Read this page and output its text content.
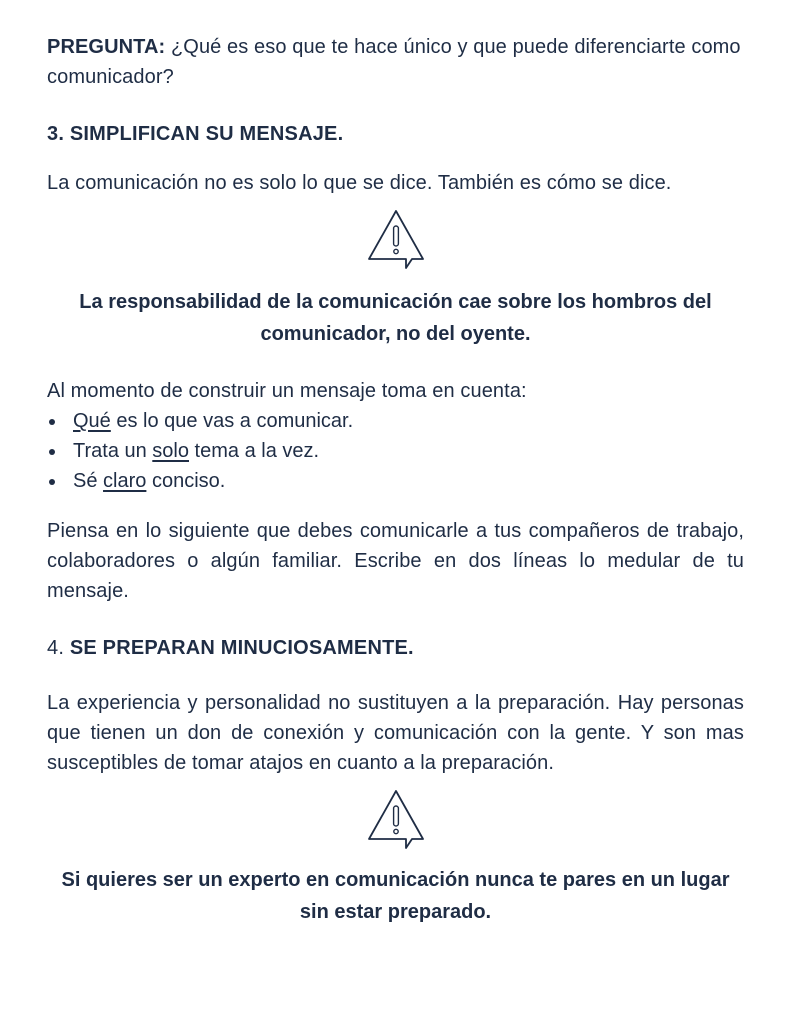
PREGUNTA: ¿Qué es eso que te hace único y que puede diferenciarte como comunicador?

3. SIMPLIFICAN SU MENSAJE.

La comunicación no es solo lo que se dice. También es cómo se dice.

La responsabilidad de la comunicación cae sobre los hombros del comunicador, no del oyente.

Al momento de construir un mensaje toma en cuenta:

Qué es lo que vas a comunicar.
Trata un solo tema a la vez.
Sé claro conciso.

Piensa en lo siguiente que debes comunicarle a tus compañeros de trabajo, colaboradores o algún familiar. Escribe en dos líneas lo medular de tu mensaje.

4. SE PREPARAN MINUCIOSAMENTE.

La experiencia y personalidad no sustituyen a la preparación. Hay personas que tienen un don de conexión y comunicación con la gente. Y son mas susceptibles de tomar atajos en cuanto a la preparación.

Si quieres ser un experto en comunicación nunca te pares en un lugar sin estar preparado.
